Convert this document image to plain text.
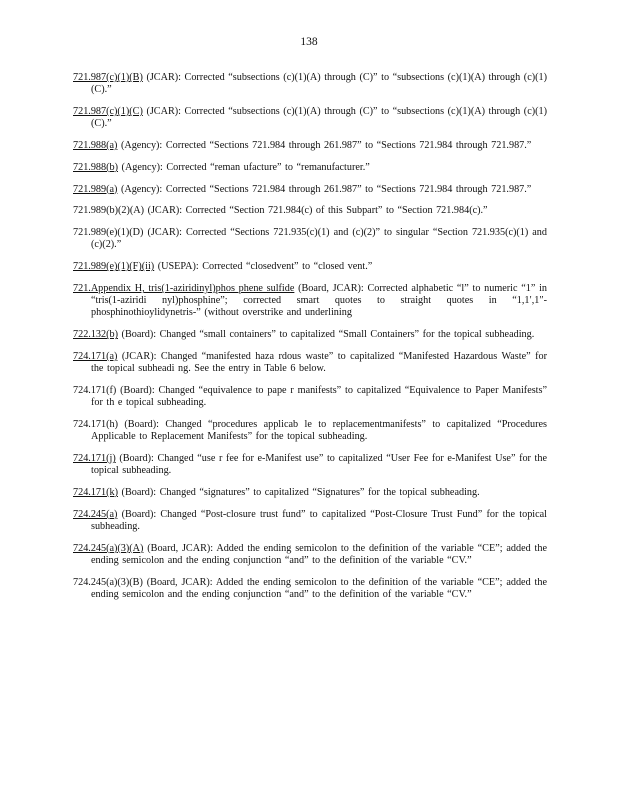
138

721.987(c)(1)(B) (JCAR): Corrected “subsections (c)(1)(A) through (C)” to “subsections (c)(1)(A) through (c)(1)(C).”

721.987(c)(1)(C) (JCAR): Corrected “subsections (c)(1)(A) through (C)” to “subsections (c)(1)(A) through (c)(1)(C).”

721.988(a) (Agency): Corrected “Sections 721.984 through 261.987” to “Sections 721.984 through 721.987.”

721.988(b) (Agency): Corrected “reman ufacture” to “remanufacturer.”

721.989(a) (Agency): Corrected “Sections 721.984 through 261.987” to “Sections 721.984 through 721.987.”

721.989(b)(2)(A) (JCAR): Corrected “Section 721.984(c) of this Subpart” to “Section 721.984(c).”

721.989(e)(1)(D) (JCAR): Corrected “Sections 721.935(c)(1) and (c)(2)” to singular “Section 721.935(c)(1) and (c)(2).”

721.989(e)(1)(F)(ii) (USEPA): Corrected “closedvent” to “closed vent.”

721.Appendix H, tris(1-aziridinyl)phos phene sulfide (Board, JCAR): Corrected alphabetic “l” to numeric “1” in “tris(1-aziridi nyl)phosphine”; corrected smart quotes to straight quotes in “1,1′,1″-phosphinothioylidynetris-” (without overstrike and underlining

722.132(b) (Board): Changed “small containers” to capitalized “Small Containers” for the topical subheading.

724.171(a) (JCAR): Changed “manifested haza rdous waste” to capitalized “Manifested Hazardous Waste” for the topical subheadi ng. See the entry in Table 6 below.

724.171(f) (Board): Changed “equivalence to pape r manifests” to capitalized “Equivalence to Paper Manifests” for th e topical subheading.

724.171(h) (Board): Changed “procedures applicab le to replacementmanifests” to capitalized “Procedures Applicable to Replacement Manifests” for the topical subheading.

724.171(j) (Board): Changed “use r fee for e-Manifest use” to capitalized “User Fee for e-Manifest Use” for the topical subheading.

724.171(k) (Board): Changed “signatures” to capitalized “Signatures” for the topical subheading.

724.245(a) (Board): Changed “Post-closure trust fund” to capitalized “Post-Closure Trust Fund” for the topical subheading.

724.245(a)(3)(A) (Board, JCAR): Added the ending semicolon to the definition of the variable “CE”; added the ending semicolon and the ending conjunction “and” to the definition of the variable “CV.”

724.245(a)(3)(B) (Board, JCAR): Added the ending semicolon to the definition of the variable “CE”; added the ending semicolon and the ending conjunction “and” to the definition of the variable “CV.”
